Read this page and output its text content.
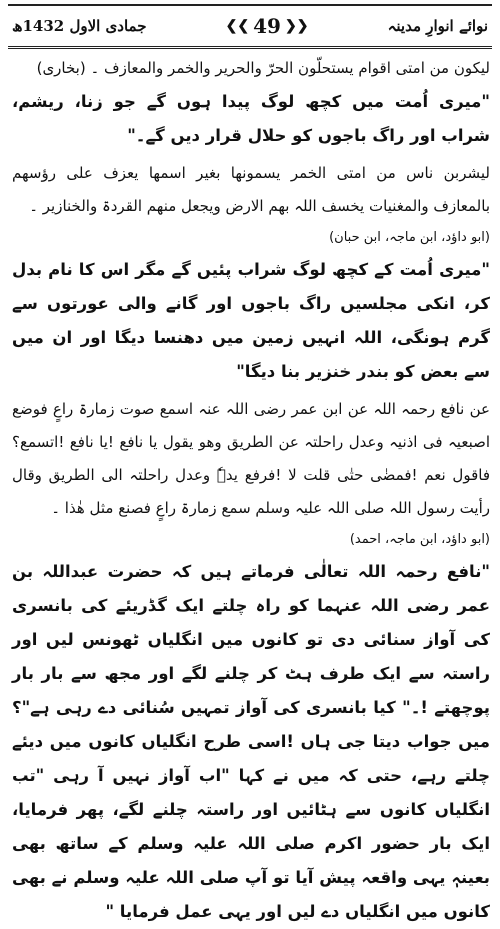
نوائے انوارِ مدینہ
❮❮
49
❯❯
جمادی الاول 1432ھ

لیکون من امتی اقوام یستحلّون الحرّ والحریر والخمر والمعازف ۔ (بخاری)

"میری اُمت میں کچھ لوگ پیدا ہوں گے جو زنا، ریشم، شراب اور راگ باجوں کو حلال قرار دیں گے۔"

لیشربن ناس من امتی الخمر یسمونھا بغیر اسمھا یعزف علی رؤسھم بالمعازف والمغنیات یخسف اللہ بھم الارض ویجعل منھم القردۃ والخنازیر ۔

(ابو داؤد، ابن ماجہ، ابن حبان)

"میری اُمت کے کچھ لوگ شراب پئیں گے مگر اس کا نام بدل کر، انکی مجلسیں راگ باجوں اور گانے والی عورتوں سے گرم ہونگی، اللہ انہیں زمین میں دھنسا دیگا اور ان میں سے بعض کو بندر خنزیر بنا دیگا"

عن نافع رحمہ اللہ عن ابن عمر رضی اللہ عنہ اسمع صوت زمارۃ راعٍ فوضع اصبعیہ فی اذنیہ وعدل راحلتہ عن الطریق وھو یقول یا نافع !یا نافع !اتسمع؟ فاقول نعم !فمضٰی حتٰی قلت لا !فرفع یدہٗ وعدل راحلتہ الی الطریق وقال رأیت رسول اللہ صلی اللہ علیہ وسلم سمع زمارۃ راعٍ فصنع مثل ھٰذا ۔

(ابو داؤد، ابن ماجہ، احمد)

"نافع رحمہ اللہ تعالٰی فرماتے ہیں کہ حضرت عبداللہ بن عمر رضی اللہ عنہما کو راہ چلتے ایک گڈریئے کی بانسری کی آواز سنائی دی تو کانوں میں انگلیاں ٹھونس لیں اور راستہ سے ایک طرف ہٹ کر چلنے لگے اور مجھ سے بار بار پوچھتے !۔" کیا بانسری کی آواز تمہیں سُنائی دے رہی ہے"؟ میں جواب دیتا جی ہاں !اسی طرح انگلیاں کانوں میں دیئے چلتے رہے، حتی کہ میں نے کہا "اب آواز نہیں آ رہی "تب انگلیاں کانوں سے ہٹائیں اور راستہ چلنے لگے، پھر فرمایا، ایک بار حضور اکرم صلی اللہ علیہ وسلم کے ساتھ بھی بعینہٖ یہی واقعہ پیش آیا تو آپ صلی اللہ علیہ وسلم نے بھی کانوں میں انگلیاں دے لیں اور یہی عمل فرمایا "
